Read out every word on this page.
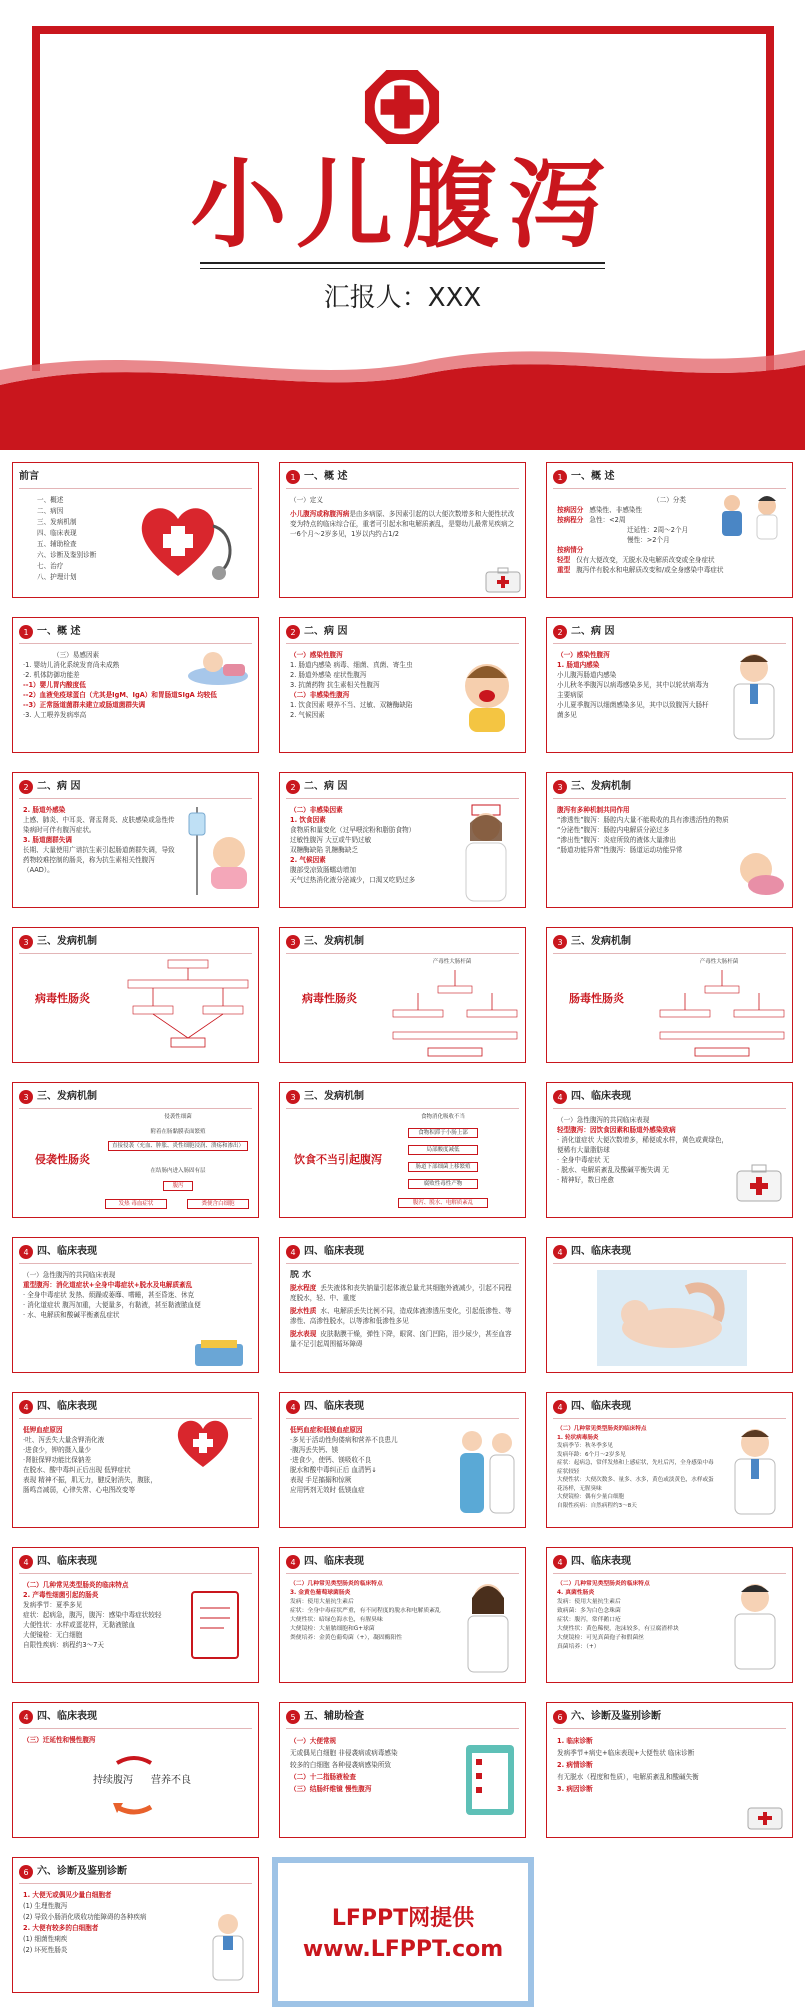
小儿腹泻
汇报人：XXX
前言
一、概述
二、病因
三、发病机制
四、临床表现
五、辅助检查
六、诊断及鉴别诊断
七、治疗
八、护理计划
1 一、概 述
（一）定义
小儿腹泻或称腹泻病是由多病原、多因素引起的以大便次数增多和大便性状改变为特点的临床综合征，重者可引起水和电解质紊乱，是婴幼儿最常见疾病之一6个月～2岁多见，1岁以内约占1/2
1 一、概 述
（二）分类
按病因分 感染性、非感染性
按病程分 急性：<2周
迁延性：2周～2个月
慢性：>2个月
按病情分
轻型 仅有大便改变，无脱水及电解质改变或全身症状
重型 腹泻伴有脱水和电解质改变和/或全身感染中毒症状
1 一、概 述
（三）易感因素
·1. 婴幼儿消化系统发育尚未成熟
·2. 机体防御功能差
--1）婴儿胃内酸度低
--2）血液免疫球蛋白（尤其是IgM、IgA）和胃肠道SIgA 均较低
--3）正常肠道菌群未建立或肠道菌群失调
·3. 人工喂养发病率高
2 二、病 因
（一）感染性腹泻
1. 肠道内感染 病毒、细菌、真菌、寄生虫
2. 肠道外感染 症状性腹泻
3. 抗菌药物 抗生素相关性腹泻
（二）非感染性腹泻
1. 饮食因素 喂养不当、过敏、双糖酶缺陷
2. 气候因素
2 二、病 因
（一）感染性腹泻
1. 肠道内感染
小儿腹泻肠道内感染
小儿秋冬季腹泻以病毒感染多见，其中以轮状病毒为主要病原
小儿夏季腹泻以细菌感染多见，其中以致腹泻大肠杆菌多见
2 二、病 因
2. 肠道外感染
上感、肺炎、中耳炎、肾盂肾炎、皮肤感染或急性传染病时可伴有腹泻症状。
3. 肠道菌群失调
长期、大量使用广谱抗生素引起肠道菌群失调，导致药物较难控制的肠炎，称为抗生素相关性腹泻（AAD）。
2 二、病 因
（二）非感染因素
1. 饮食因素
食物质和量变化（过早喂淀粉和脂肪食物）
过敏性腹泻 大豆或牛奶过敏
双糖酶缺陷 乳糖酶缺乏
2. 气候因素
腹部受凉致肠蠕动增加
天气过热消化液分泌减少，口渴又吃奶过多
3 三、发病机制
腹泻有多种机制共同作用
“渗透性”腹泻：肠腔内大量不能吸收的具有渗透活性的物质
“分泌性”腹泻：肠腔内电解质分泌过多
“渗出性”腹泻：炎症所致的液体大量渗出
“肠道功能异常”性腹泻：肠道运动功能异常
3 三、发病机制
病毒性肠炎
3 三、发病机制
病毒性肠炎
产毒性大肠杆菌
3 三、发病机制
肠毒性肠炎
产毒性大肠杆菌
3 三、发病机制
侵袭性肠炎
侵袭性细菌
附着在肠黏膜表面繁殖
直接侵袭（充血、肿胀、炎性细胞浸润、溃疡和渗出）
在结肠内进入肠固有层
腹泻
发热 毒血症状	粪便含白细胞
3 三、发病机制
饮食不当引起腹泻
食物消化吸收不当
食物积滞于小肠上部
局部酸度减低
肠道下部细菌上移繁殖
腐败性毒性产物
腹泻、脱水、电解质紊乱
4 四、临床表现
（一）急性腹泻的共同临床表现
轻型腹泻：因饮食因素和肠道外感染致病
· 消化道症状 大便次数增多，稀便或水样，黄色或黄绿色，便稀有大量脂肪球
· 全身中毒症状 无
· 脱水、电解质紊乱及酸碱平衡失调 无
· 精神好，数日痊愈
4 四、临床表现
（一）急性腹泻的共同临床表现
重型腹泻：消化道症状+全身中毒症状+脱水及电解质紊乱
· 全身中毒症状 发热、烦躁或萎靡、嗜睡，甚至昏迷、休克
· 消化道症状 腹泻加重，大便量多，有黏液，甚至黏液脓血便
· 水、电解质和酸碱平衡紊乱症状
4 四、临床表现
脱 水
脱水程度 丢失液体和丧失钠量引起体液总量尤其细胞外液减少，引起不同程度脱水，轻、中、重度
脱水性质 水、电解质丢失比例不同，造成体液渗透压变化，引起低渗性、等渗性、高渗性脱水，以等渗和低渗性多见
脱水表现 皮肤黏膜干燥，弹性下降，眼窝、囟门凹陷，泪少尿少，甚至血容量不足引起周围循环障碍
4 四、临床表现
4 四、临床表现
低钾血症原因
·吐、泻丢失大量含钾消化液
·进食少，钾的摄入量少
·肾脏保钾功能比保钠差
在脱水、酸中毒纠正后出现 低钾症状
表现 精神不振，肌无力，腱反射消失，腹胀，
肠鸣音减弱，心律失常、心电图改变等
4 四、临床表现
低钙血症和低镁血症原因
·多见于活动性佝偻病和营养不良患儿
·腹泻丢失钙、镁
·进食少，使钙、镁吸收不良
脱水和酸中毒纠正后 血清钙↓
表现 手足搐搦和惊厥
应用钙剂无效时 低镁血症
4 四、临床表现
（二）几种常见类型肠炎的临床特点
1. 轮状病毒肠炎
发病季节：秋冬季多见
发病年龄：6个月～2岁多见
症状：起病急，常伴发热和上感症状，先吐后泻，全身感染中毒症状较轻
大便性状：大便次数多、量多、水多，黄色或淡黄色，水样或蛋花汤样，无腥臭味
大便镜检：偶有少量白细胞
自限性疾病：自然病程约3～8天
4 四、临床表现
（二）几种常见类型肠炎的临床特点
2. 产毒性细菌引起的肠炎
发病季节：夏季多见
症状：起病急，腹泻，腹泻：感染中毒症状较轻
大便性状：水样或蛋花样，无黏液脓血
大便镜检：无白细胞
自限性疾病：病程约3～7天
4 四、临床表现
（二）几种常见类型肠炎的临床特点
3. 金黄色葡萄球菌肠炎
发病：使用大量抗生素后
症状：全身中毒症状严重，有不同程度的脱水和电解质紊乱
大便性状：暗绿色海水色，有腥臭味
大便镜检：大量脓细胞和G+球菌
粪便培养：金黄色葡萄菌（+），凝固酶阳性
4 四、临床表现
（二）几种常见类型肠炎的临床特点
4. 真菌性肠炎
发病：使用大量抗生素后
致病菌：多为白色念珠菌
症状：腹泻，常伴鹅口疮
大便性状：黄色稀便，泡沫较多，有豆腐渣样块
大便镜检：可见真菌孢子和假菌丝
真菌培养：（+）
4 四、临床表现
（三）迁延性和慢性腹泻
持续腹泻 营养不良
5 五、辅助检查
（一）大便常规
无或偶见白细胞 非侵袭病或病毒感染
较多的白细胞 各种侵袭病感染所致
（二）十二指肠液检查
（三）结肠纤维镜 慢性腹泻
6 六、诊断及鉴别诊断
1. 临床诊断
发病季节+病史+临床表现+大便性状 临床诊断
2. 病情诊断
有无脱水（程度和性质），电解质紊乱和酸碱失衡
3. 病因诊断
6 六、诊断及鉴别诊断
1. 大便无或偶见少量白细胞者
(1) 生理性腹泻
(2) 导致小肠消化吸收功能障碍的各种疾病
2. 大便有较多的白细胞者
(1) 细菌性痢疾
(2) 坏死性肠炎
LFPPT网提供
www.LFPPT.com
